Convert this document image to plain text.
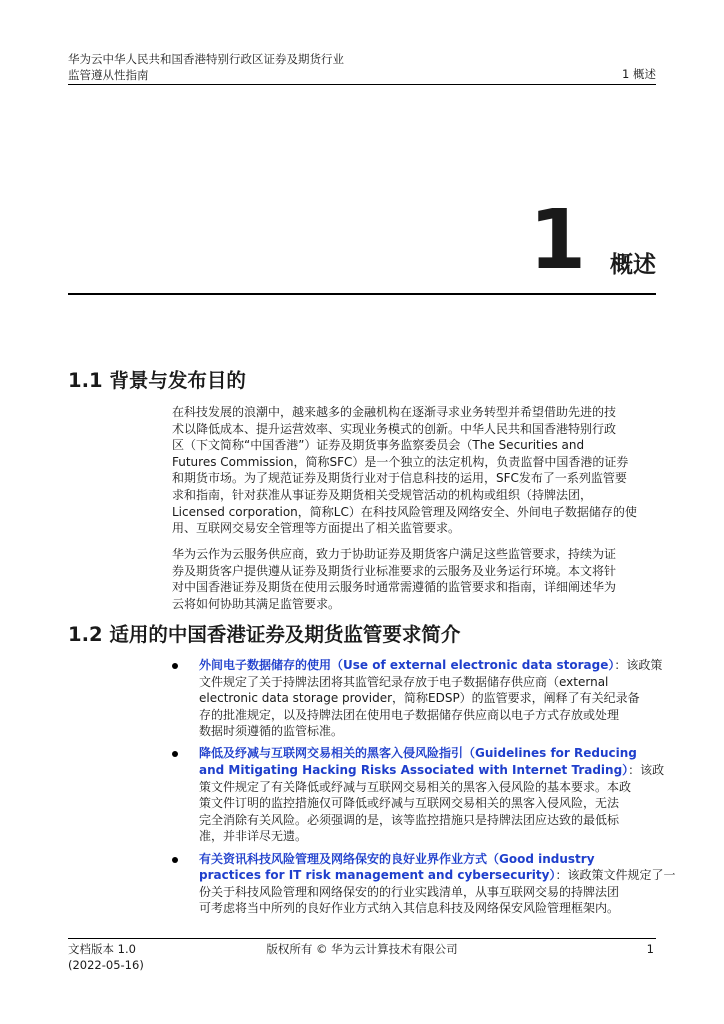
华为云中华人民共和国香港特别行政区证券及期货行业
监管遵从性指南	1 概述
1 概述
1.1 背景与发布目的
在科技发展的浪潮中，越来越多的金融机构在逐渐寻求业务转型并希望借助先进的技
术以降低成本、提升运营效率、实现业务模式的创新。中华人民共和国香港特别行政
区（下文简称“中国香港”）证券及期货事务监察委员会（The Securities and
Futures Commission，简称SFC）是一个独立的法定机构，负责监督中国香港的证券
和期货市场。为了规范证券及期货行业对于信息科技的运用，SFC发布了一系列监管要
求和指南，针对获准从事证券及期货相关受规管活动的机构或组织（持牌法团，
Licensed corporation，简称LC）在科技风险管理及网络安全、外间电子数据储存的使
用、互联网交易安全管理等方面提出了相关监管要求。
华为云作为云服务供应商，致力于协助证券及期货客户满足这些监管要求，持续为证
券及期货客户提供遵从证券及期货行业标准要求的云服务及业务运行环境。本文将针
对中国香港证券及期货在使用云服务时通常需遵循的监管要求和指南，详细阐述华为
云将如何协助其满足监管要求。
1.2 适用的中国香港证券及期货监管要求简介
外间电子数据储存的使用（Use of external electronic data storage）：该政策
文件规定了关于持牌法团将其监管纪录存放于电子数据储存供应商（external
electronic data storage provider，简称EDSP）的监管要求，阐释了有关纪录备
存的批准规定，以及持牌法团在使用电子数据储存供应商以电子方式存放或处理
数据时须遵循的监管标准。
降低及纾减与互联网交易相关的黑客入侵风险指引（Guidelines for Reducing
and Mitigating Hacking Risks Associated with Internet Trading）：该政
策文件规定了有关降低或纾减与互联网交易相关的黑客入侵风险的基本要求。本政
策文件订明的监控措施仅可降低或纾减与互联网交易相关的黑客入侵风险，无法
完全消除有关风险。必须强调的是，该等监控措施只是持牌法团应达致的最低标
准，并非详尽无遗。
有关资讯科技风险管理及网络保安的良好业界作业方式（Good industry
practices for IT risk management and cybersecurity）：该政策文件规定了一
份关于科技风险管理和网络保安的的行业实践清单，从事互联网交易的持牌法团
可考虑将当中所列的良好作业方式纳入其信息科技及网络保安风险管理框架内。
文档版本 1.0
(2022-05-16)
版权所有 © 华为云计算技术有限公司	1
